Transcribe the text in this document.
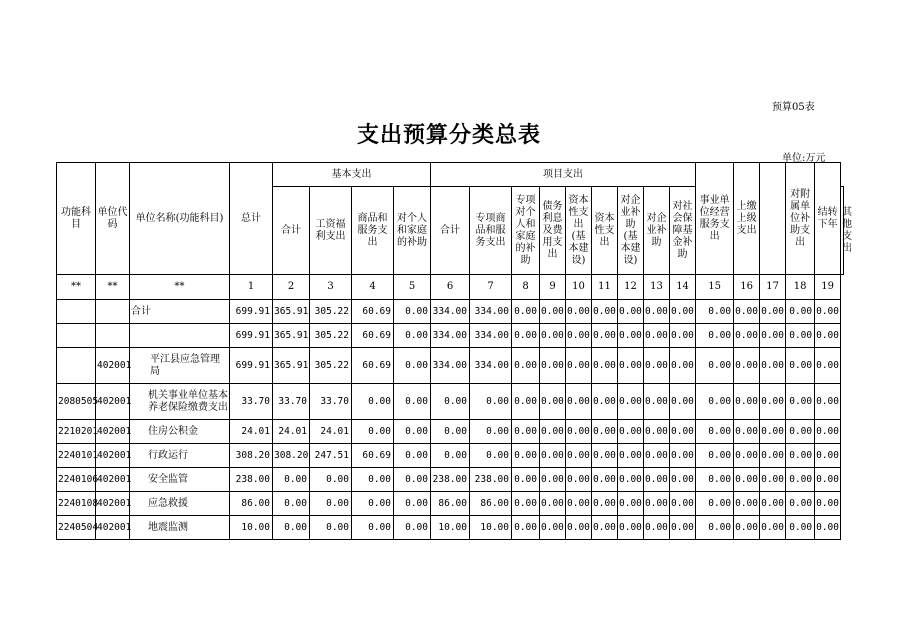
预算05表
支出预算分类总表
单位:万元
功能科目	单位代码	单位名称(功能科目)	总计	基本支出				项目支出									事业单位经营服务支出	上缴上级支出		对附属单位补助支出	结转下年	
				合计	工资福利支出	商品和服务支出	对个人和家庭的补助	合计	专项商品和服务支出	专项对个人和家庭的补助	债务利息及费用支出	资本性支出(基本建设)	资本性支出	对企业补助(基本建设)	对企业补助	对社会保障基金补助						其他支出
**	**	**	1	2	3	4	5	6	7	8	9	10	11	12	13	14	15	16	17	18	19	
		合计	699.91	365.91	305.22	60.69	0.00	334.00	334.00	0.00	0.00	0.00	0.00	0.00	0.00	0.00	0.00	0.00	0.00	0.00	0.00	
			699.91	365.91	305.22	60.69	0.00	334.00	334.00	0.00	0.00	0.00	0.00	0.00	0.00	0.00	0.00	0.00	0.00	0.00	0.00	
	402001	平江县应急管理局	699.91	365.91	305.22	60.69	0.00	334.00	334.00	0.00	0.00	0.00	0.00	0.00	0.00	0.00	0.00	0.00	0.00	0.00	0.00	
2080505	402001	机关事业单位基本养老保险缴费支出	33.70	33.70	33.70	0.00	0.00	0.00	0.00	0.00	0.00	0.00	0.00	0.00	0.00	0.00	0.00	0.00	0.00	0.00	0.00	
2210201	402001	住房公积金	24.01	24.01	24.01	0.00	0.00	0.00	0.00	0.00	0.00	0.00	0.00	0.00	0.00	0.00	0.00	0.00	0.00	0.00	0.00	
2240101	402001	行政运行	308.20	308.20	247.51	60.69	0.00	0.00	0.00	0.00	0.00	0.00	0.00	0.00	0.00	0.00	0.00	0.00	0.00	0.00	0.00	
2240106	402001	安全监管	238.00	0.00	0.00	0.00	0.00	238.00	238.00	0.00	0.00	0.00	0.00	0.00	0.00	0.00	0.00	0.00	0.00	0.00	0.00	
2240108	402001	应急救援	86.00	0.00	0.00	0.00	0.00	86.00	86.00	0.00	0.00	0.00	0.00	0.00	0.00	0.00	0.00	0.00	0.00	0.00	0.00	
2240504	402001	地震监测	10.00	0.00	0.00	0.00	0.00	10.00	10.00	0.00	0.00	0.00	0.00	0.00	0.00	0.00	0.00	0.00	0.00	0.00	0.00	
